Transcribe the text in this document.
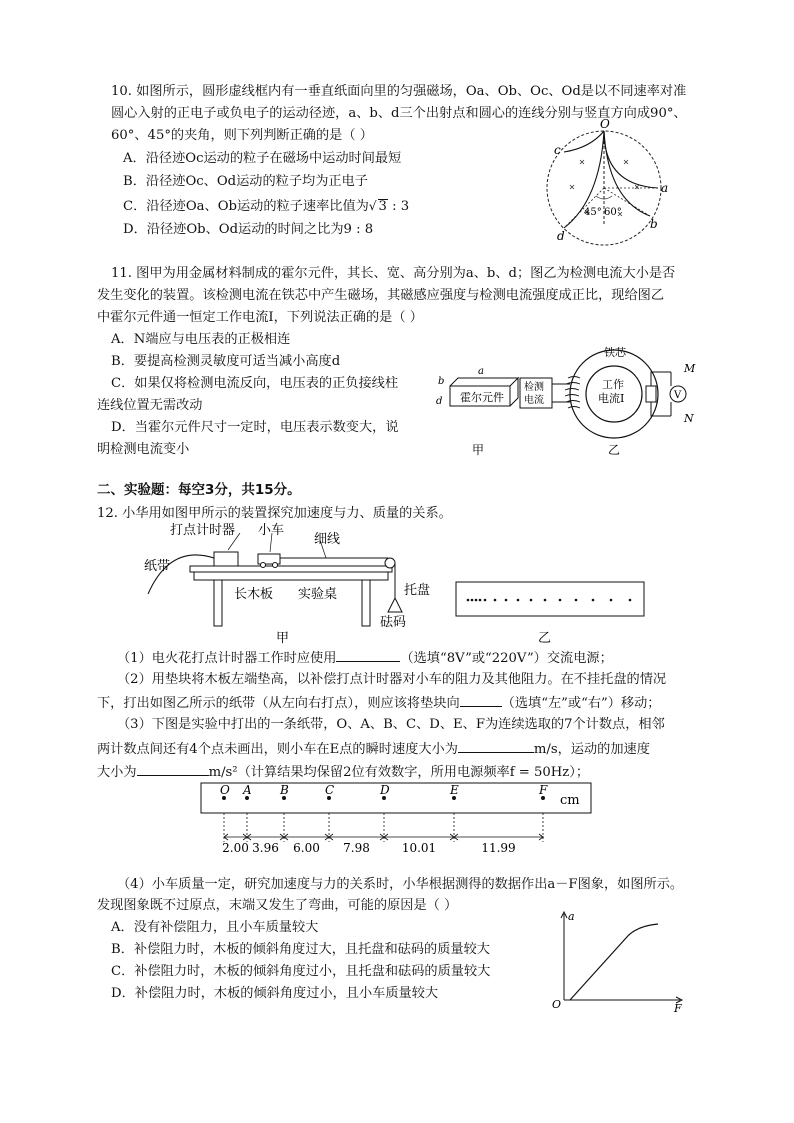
10. 如图所示，圆形虚线框内有一垂直纸面向里的匀强磁场，Oa、Ob、Oc、Od是以不同速率对准
圆心入射的正电子或负电子的运动径迹，a、b、d三个出射点和圆心的连线分别与竖直方向成90°、
60°、45°的夹角，则下列判断正确的是（ ）
A．沿径迹Oc运动的粒子在磁场中运动时间最短
B．沿径迹Oc、Od运动的粒子均为正电子
C．沿径迹Oa、Ob运动的粒子速率比值为√ 3 : 3
D．沿径迹Ob、Od运动的时间之比为9 : 8
O
a
b
c
d
45° 60°
11. 图甲为用金属材料制成的霍尔元件，其长、宽、高分别为a、b、d；图乙为检测电流大小是否
发生变化的装置。该检测电流在铁芯中产生磁场，其磁感应强度与检测电流强度成正比，现给图乙
中霍尔元件通一恒定工作电流I，下列说法正确的是（ ）
A．N端应与电压表的正极相连
B．要提高检测灵敏度可适当减小高度d
C．如果仅将检测电流反向，电压表的正负接线柱
连线位置无需改动
D．当霍尔元件尺寸一定时，电压表示数变大，说
明检测电流变小
霍尔元件
a
b
d
甲
检测
电流
铁芯
工作
电流I	V
M
N
乙
二、实验题：每空3分，共15分。
12. 小华用如图甲所示的装置探究加速度与力、质量的关系。
打点计时器 小车
细线
纸带
长木板 实验桌	托盘
砝码
甲	乙
（1）电火花打点计时器工作时应使用	（选填“8V”或“220V”）交流电源；
（2）用垫块将木板左端垫高，以补偿打点计时器对小车的阻力及其他阻力。在不挂托盘的情况
下，打出如图乙所示的纸带（从左向右打点），则应该将垫块向	（选填“左”或“右”）移动；
（3）下图是实验中打出的一条纸带，O、A、B、C、D、E、F为连续选取的7个计数点，相邻
两计数点间还有4个点未画出，则小车在E点的瞬时速度大小为	m/s，运动的加速度
大小为	m/s²（计算结果均保留2位有效数字，所用电源频率f = 50Hz）；
cm
O A B	C	D	E	F
2.00 3.96 6.00 7.98	10.01	11.99
（4）小车质量一定，研究加速度与力的关系时，小华根据测得的数据作出a－F图象，如图所示。
发现图象既不过原点，末端又发生了弯曲，可能的原因是（ ）
A．没有补偿阻力，且小车质量较大
B．补偿阻力时，木板的倾斜角度过大，且托盘和砝码的质量较大
C．补偿阻力时，木板的倾斜角度过小，且托盘和砝码的质量较大
D．补偿阻力时，木板的倾斜角度过小，且小车质量较大
a
O	F
